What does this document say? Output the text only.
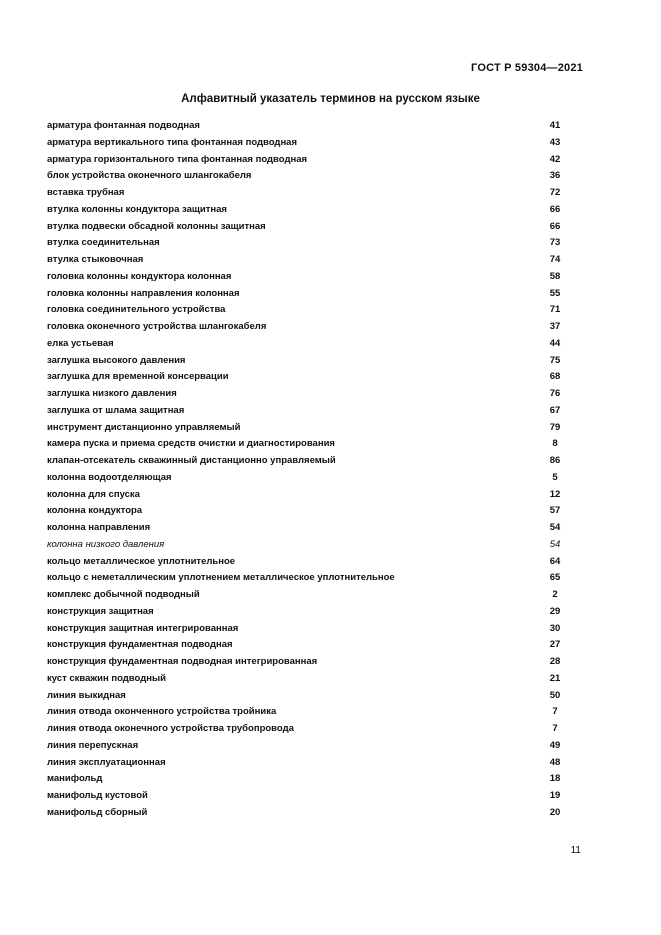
ГОСТ Р 59304—2021
Алфавитный указатель терминов на русском языке
арматура фонтанная подводная	41
арматура вертикального типа фонтанная подводная	43
арматура горизонтального типа фонтанная подводная	42
блок устройства оконечного шлангокабеля	36
вставка трубная	72
втулка колонны кондуктора защитная	66
втулка подвески обсадной колонны защитная	66
втулка соединительная	73
втулка стыковочная	74
головка колонны кондуктора колонная	58
головка колонны направления колонная	55
головка соединительного устройства	71
головка оконечного устройства шлангокабеля	37
елка устьевая	44
заглушка высокого давления	75
заглушка для временной консервации	68
заглушка низкого давления	76
заглушка от шлама защитная	67
инструмент дистанционно управляемый	79
камера пуска и приема средств очистки и диагностирования	8
клапан-отсекатель скважинный дистанционно управляемый	86
колонна водоотделяющая	5
колонна для спуска	12
колонна кондуктора	57
колонна направления	54
колонна низкого давления	54
кольцо металлическое уплотнительное	64
кольцо с неметаллическим уплотнением металлическое уплотнительное	65
комплекс добычной подводный	2
конструкция защитная	29
конструкция защитная интегрированная	30
конструкция фундаментная подводная	27
конструкция фундаментная подводная интегрированная	28
куст скважин подводный	21
линия выкидная	50
линия отвода оконченного устройства тройника	7
линия отвода оконечного устройства трубопровода	7
линия перепускная	49
линия эксплуатационная	48
манифольд	18
манифольд кустовой	19
манифольд сборный	20
11
